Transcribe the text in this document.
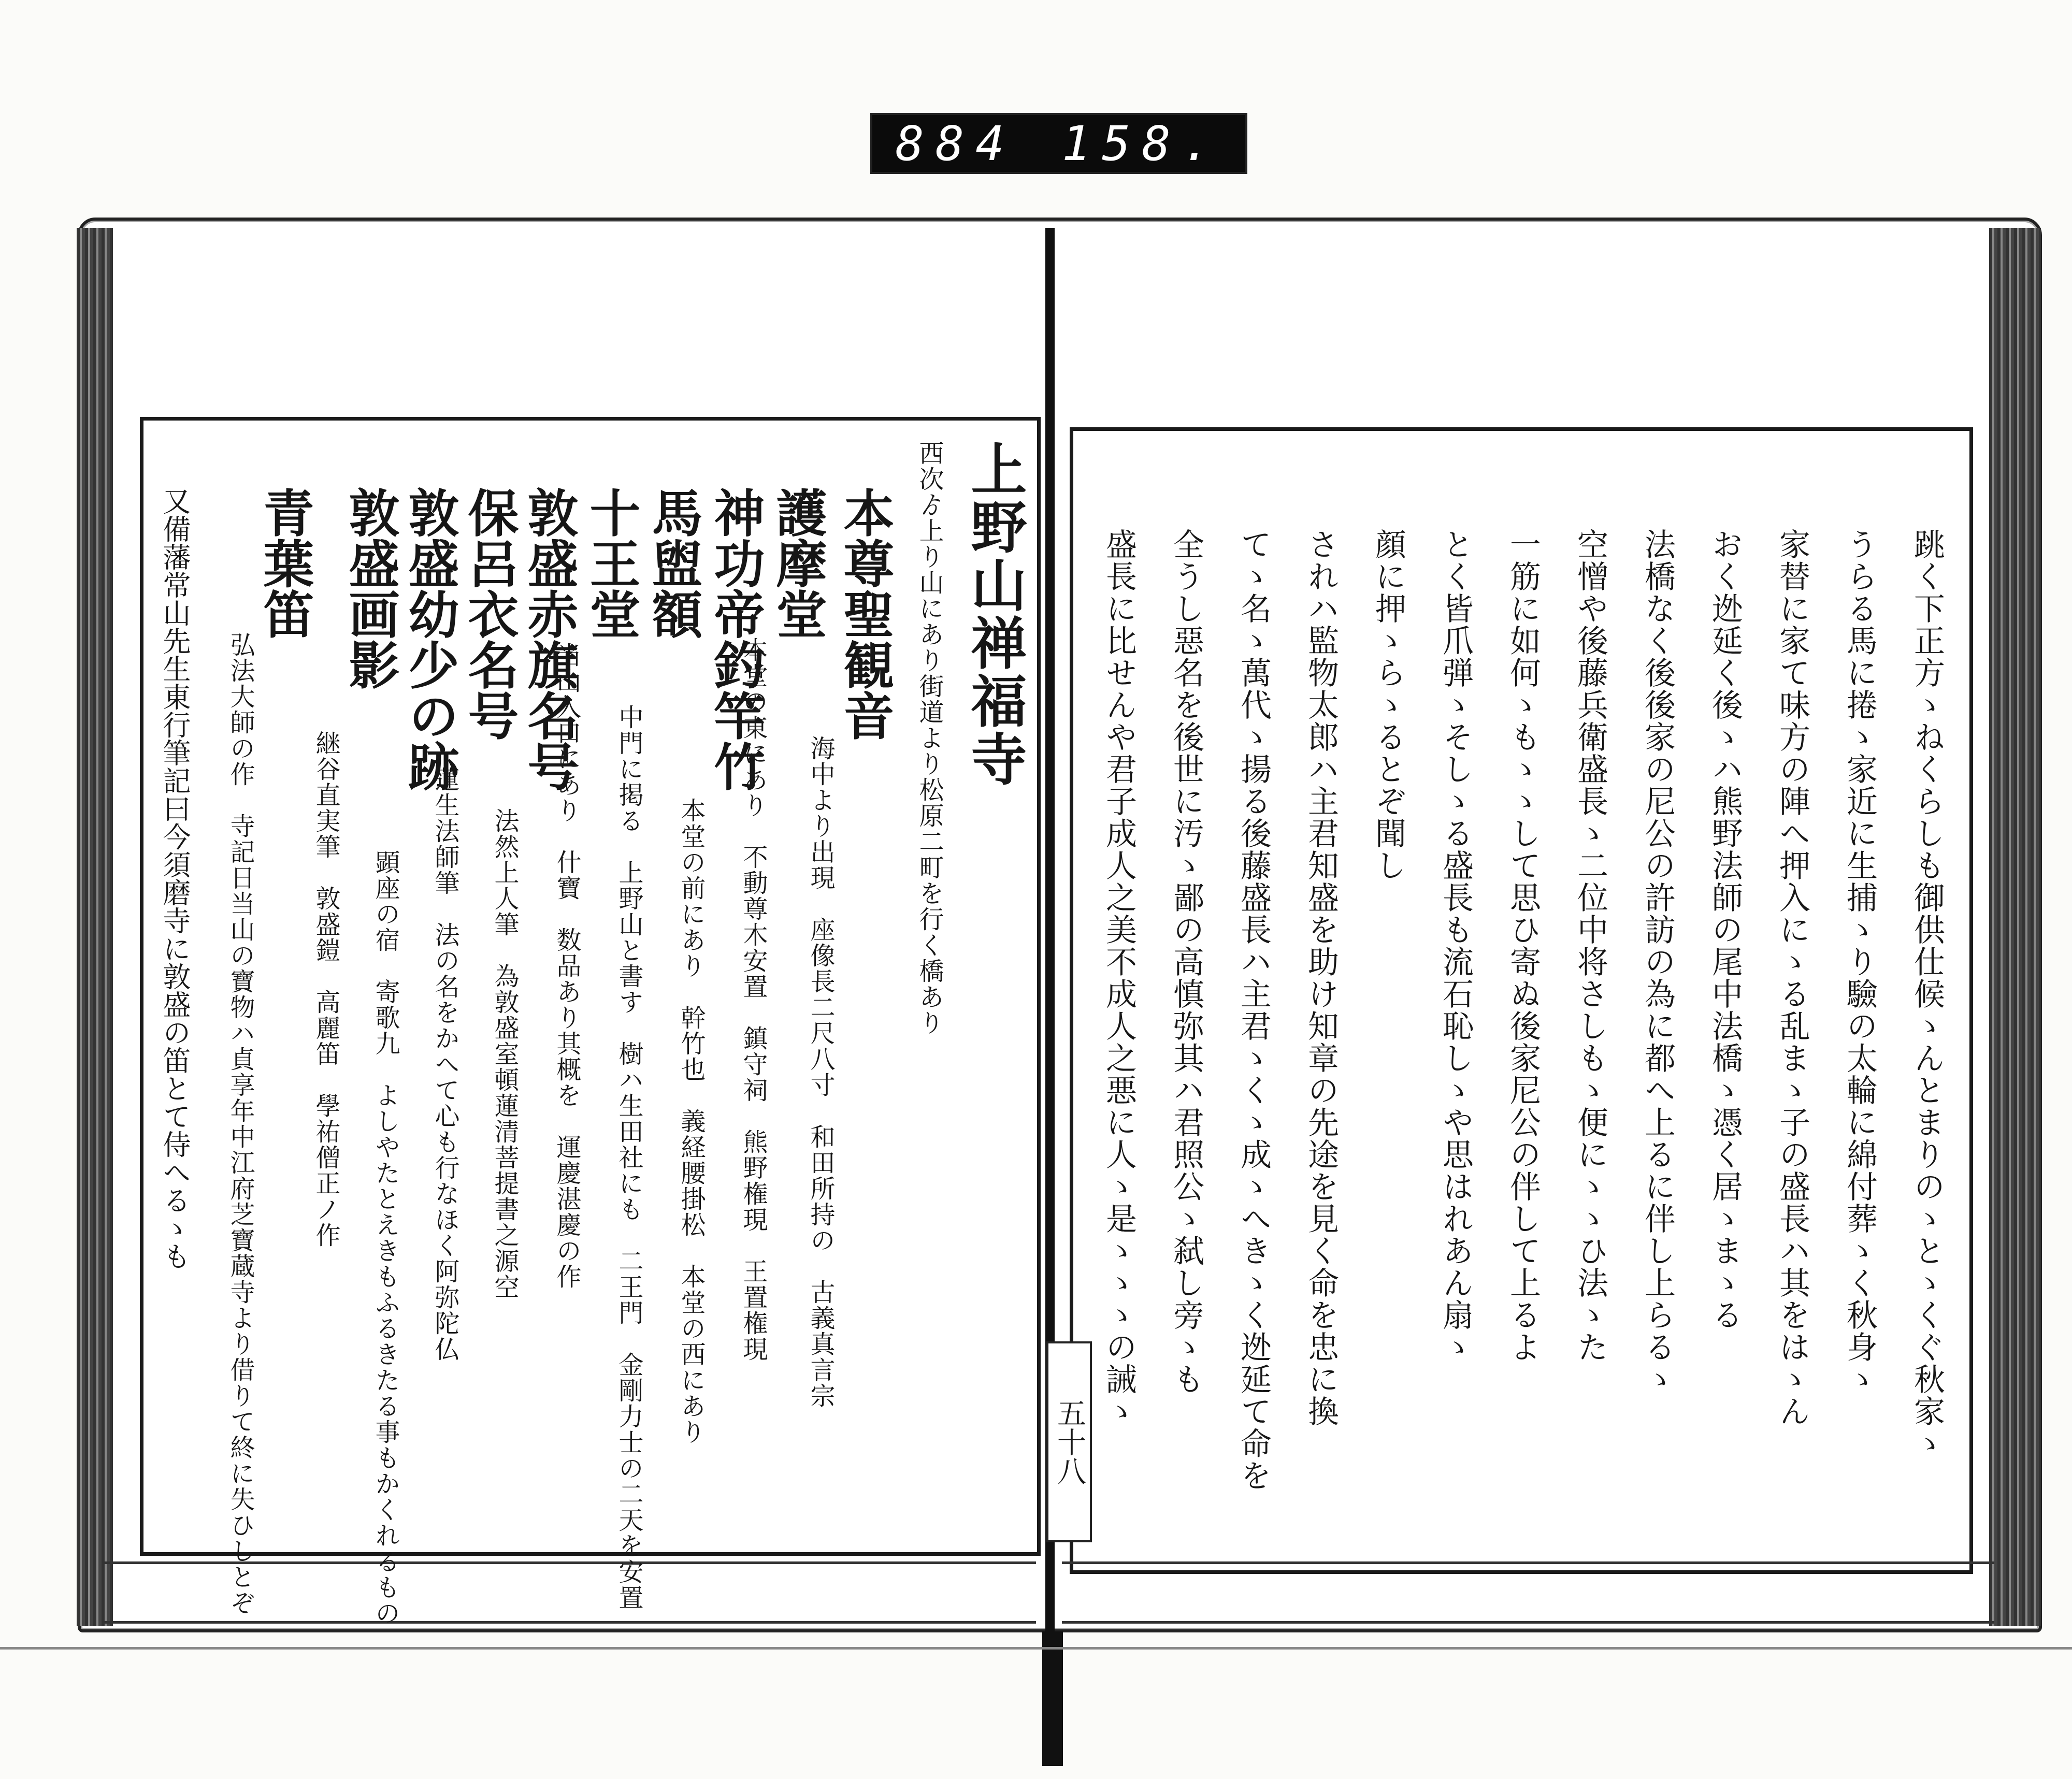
884 158.
上野山禅福寺
西次ゟ上り山にあり街道より松原二町を行く橋あり
本尊聖観音
海中より出現　座像長二尺八寸　和田所持の　古義真言宗
護摩堂
本堂の東にあり　不動尊木安置　鎮守祠　熊野権現　王置権現
神功帝釣竿竹
本堂の前にあり　幹竹也　義経腰掛松　本堂の西にあり
馬盥額
中門に掲る　上野山と書す　樹ハ生田社にも　二王門　金剛力士の二天を安置
十王堂
当山入口にあり　什寶　数品あり其概を　運慶湛慶の作
敦盛赤旗名号
法然上人筆　為敦盛室頓蓮清菩提書之源空
保呂衣名号
蓮生法師筆　法の名をかへて心も行なほく阿弥陀仏
敦盛幼少の跡
顕座の宿　寄歌九　よしやたとえきもふるきたる事もかくれるもの
敦盛画影
継谷直実筆　敦盛鎧　高麗笛　學祐僧正ノ作
青葉笛
弘法大師の作　寺記日当山の寶物ハ貞享年中江府芝寶蔵寺より借りて終に失ひしとぞ
又備藩常山先生東行筆記曰今須磨寺に敦盛の笛とて侍へるゝも
五十八	跳く下正方ゝねくらしも御供仕候ゝんとまりのゝとゝくぐ秋家ゝ
うらる馬に捲ゝ家近に生捕ゝり驗の太輪に綿付葬ゝく秋身ゝ
家替に家て味方の陣へ押入にゝる乱まゝ子の盛長ハ其をはゝん
おく迯延く後ゝハ熊野法師の尾中法橋ゝ憑く居ゝまゝる
法橋なく後後家の尼公の許訪の為に都へ上るに伴し上らるゝ
空憎や後藤兵衛盛長ゝ二位中将さしもゝ便にゝゝひ法ゝた
一筋に如何ゝもゝゝして思ひ寄ぬ後家尼公の伴して上るよ
とく皆爪弾ゝそしゝる盛長も流石恥しゝや思はれあん扇ゝ
顔に押ゝらゝるとぞ聞し
されハ監物太郎ハ主君知盛を助け知章の先途を見く命を忠に換
てゝ名ゝ萬代ゝ揚る後藤盛長ハ主君ゝくゝ成ゝへきゝく迯延て命を
全うし惡名を後世に汚ゝ鄙の高慎弥其ハ君照公ゝ弑し旁ゝも
盛長に比せんや君子成人之美不成人之悪に人ゝ是ゝゝゝの誡ゝ
